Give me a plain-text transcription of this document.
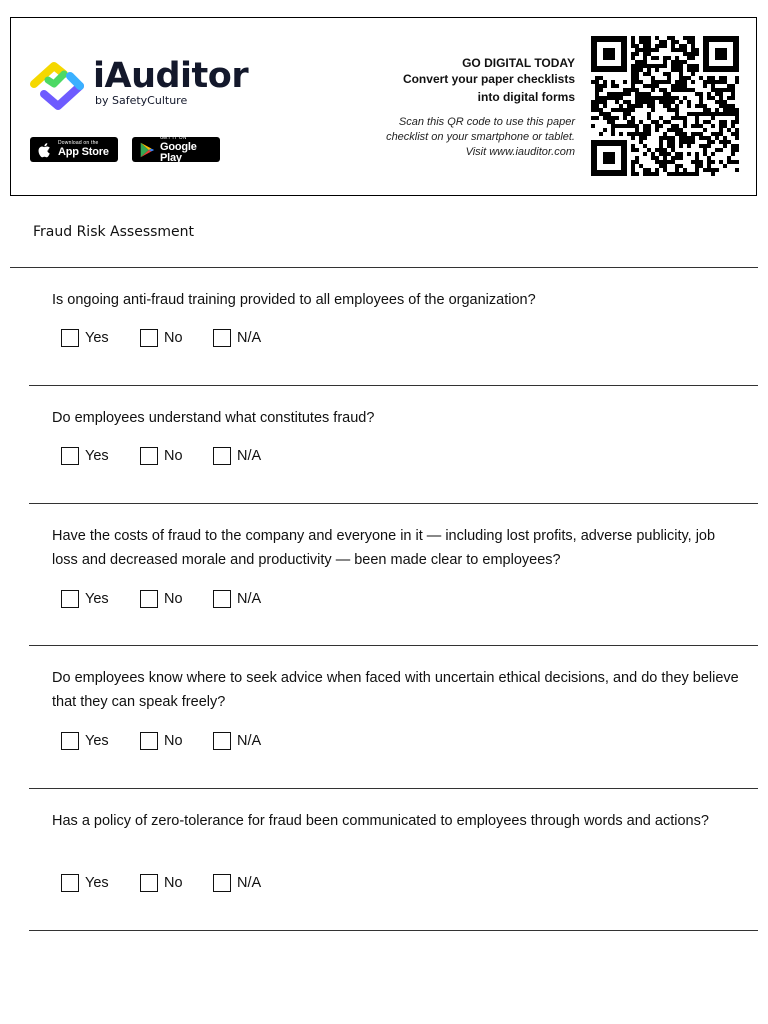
iAuditor
by SafetyCulture
Download on the
App Store
GET IT ON
Google Play
GO DIGITAL TODAY
Convert your paper checklists
into digital forms
Scan this QR code to use this paper checklist on your smartphone or tablet. Visit www.iauditor.com
Fraud Risk Assessment
Is ongoing anti-fraud training provided to all employees of the organization?
Yes	No	N/A
Do employees understand what constitutes fraud?
Yes	No	N/A
Have the costs of fraud to the company and everyone in it — including lost profits, adverse publicity, job loss and decreased morale and productivity — been made clear to employees?
Yes	No	N/A
Do employees know where to seek advice when faced with uncertain ethical decisions, and do they believe that they can speak freely?
Yes	No	N/A
Has a policy of zero-tolerance for fraud been communicated to employees through words and actions?
Yes	No	N/A
